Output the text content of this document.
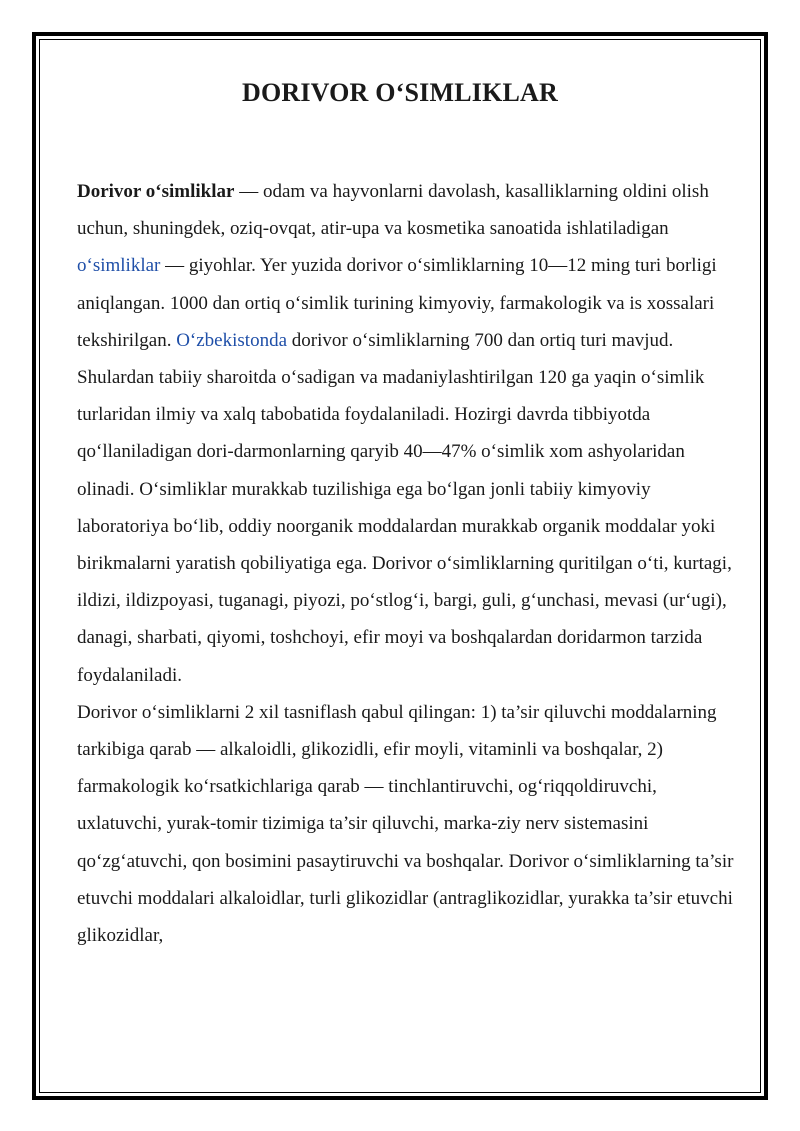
DORIVOR O‘SIMLIKLAR

Dorivor o‘simliklar — odam va hayvonlarni davolash, kasalliklarning oldini olish uchun, shuningdek, oziq-ovqat, atir-upa va kosmetika sanoatida ishlatiladigan o‘simliklar — giyohlar. Yer yuzida dorivor o‘simliklarning 10—12 ming turi borligi aniqlangan. 1000 dan ortiq o‘simlik turining kimyoviy, farmakologik va is xossalari tekshirilgan. O‘zbekistonda dorivor o‘simliklarning 700 dan ortiq turi mavjud. Shulardan tabiiy sharoitda o‘sadigan va madaniylashtirilgan 120 ga yaqin o‘simlik turlaridan ilmiy va xalq tabobatida foydalaniladi. Hozirgi davrda tibbiyotda qo‘llaniladigan dori-darmonlarning qaryib 40—47% o‘simlik xom ashyolaridan olinadi. O‘simliklar murakkab tuzilishiga ega bo‘lgan jonli tabiiy kimyoviy laboratoriya bo‘lib, oddiy noorganik moddalardan murakkab organik moddalar yoki birikmalarni yaratish qobiliyatiga ega. Dorivor o‘simliklarning quritilgan o‘ti, kurtagi, ildizi, ildizpoyasi, tuganagi, piyozi, po‘stlog‘i, bargi, guli, g‘unchasi, mevasi (ur‘ugi), danagi, sharbati, qiyomi, toshchoyi, efir moyi va boshqalardan doridarmon tarzida foydalaniladi.

Dorivor o‘simliklarni 2 xil tasniflash qabul qilingan: 1) ta’sir qiluvchi moddalarning tarkibiga qarab — alkaloidli, glikozidli, efir moyli, vitaminli va boshqalar, 2) farmakologik ko‘rsatkichlariga qarab — tinchlantiruvchi, og‘riqqoldiruvchi, uxlatuvchi, yurak-tomir tizimiga ta’sir qiluvchi, marka-ziy nerv sistemasini qo‘zg‘atuvchi, qon bosimini pasaytiruvchi va boshqalar. Dorivor o‘simliklarning ta’sir etuvchi moddalari alkaloidlar, turli glikozidlar (antraglikozidlar, yurakka ta’sir etuvchi glikozidlar,
